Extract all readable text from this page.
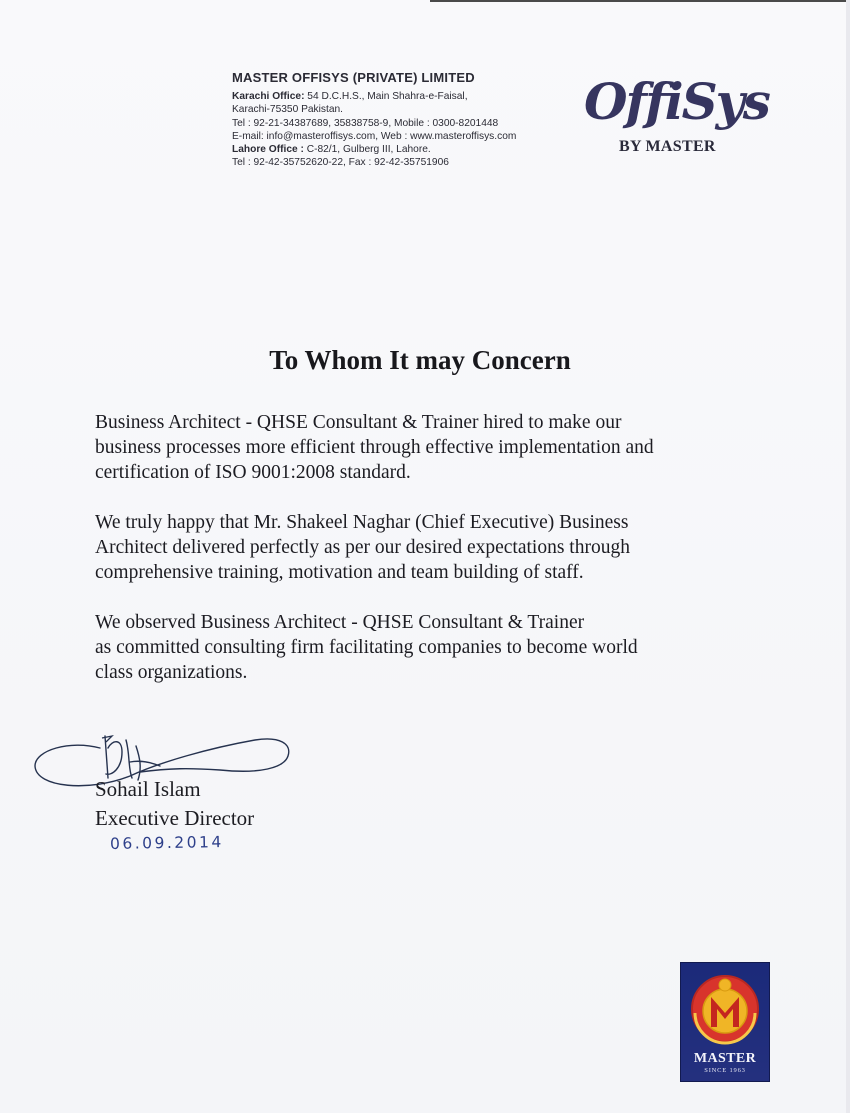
MASTER OFFISYS (PRIVATE) LIMITED
Karachi Office: 54 D.C.H.S., Main Shahra-e-Faisal,
Karachi-75350 Pakistan.
Tel : 92-21-34387689, 35838758-9, Mobile : 0300-8201448
E-mail: info@masteroffisys.com, Web : www.masteroffisys.com
Lahore Office : C-82/1, Gulberg III, Lahore.
Tel : 92-42-35752620-22, Fax : 92-42-35751906
OffiSys
BY MASTER
To Whom It may Concern

Business Architect - QHSE Consultant & Trainer hired to make our
business processes more efficient through effective implementation and
certification of ISO 9001:2008 standard.

We truly happy that Mr. Shakeel Naghar (Chief Executive) Business
Architect delivered perfectly as per our desired expectations through
comprehensive training, motivation and team building of staff.

We observed Business Architect - QHSE Consultant & Trainer
as committed consulting firm facilitating companies to become world
class organizations.

Sohail Islam
Executive Director
06.09.2014
MASTER
SINCE 1963
